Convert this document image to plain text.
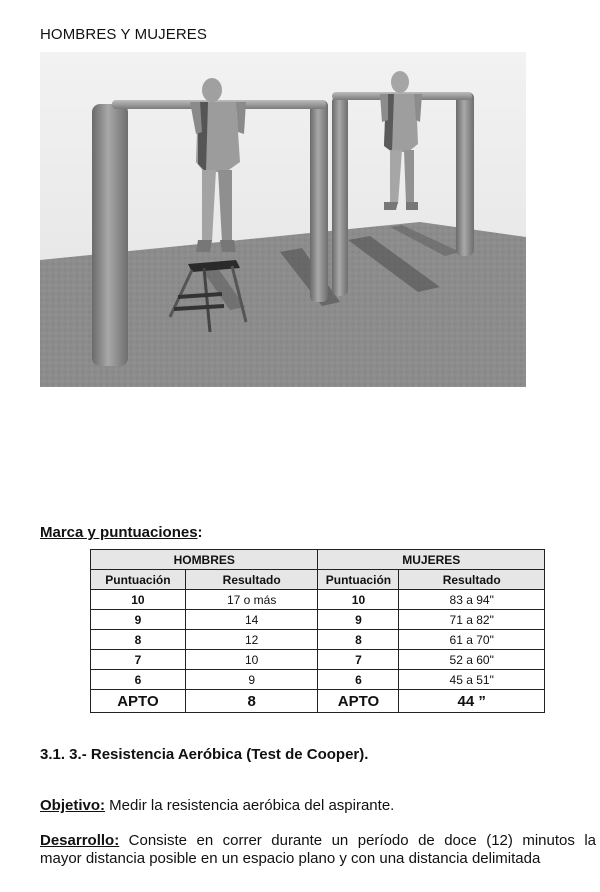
HOMBRES Y MUJERES
Marca y puntuaciones:
HOMBRES		MUJERES	
Puntuación	Resultado	Puntuación	Resultado
10	17 o más	10	83 a 94"
9	14	9	71 a 82"
8	12	8	61 a 70"
7	10	7	52 a 60"
6	9	6	45 a 51"
APTO	8	APTO	44 ”
3.1. 3.- Resistencia Aeróbica (Test de Cooper).
Objetivo: Medir la resistencia aeróbica del aspirante.
Desarrollo: Consiste en correr durante un período de doce (12) minutos la
mayor distancia posible en un espacio plano y con una distancia delimitada
